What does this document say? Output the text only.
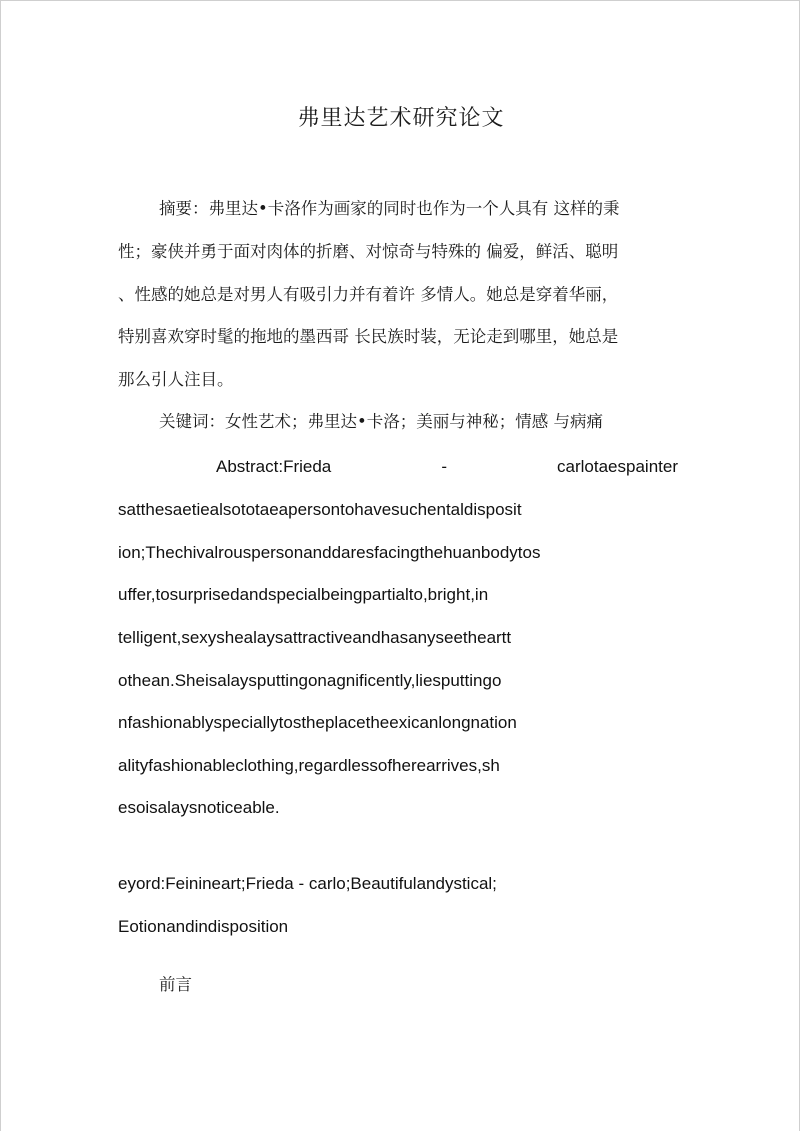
弗里达艺术研究论文
摘要：弗里达•卡洛作为画家的同时也作为一个人具有 这样的秉
性；豪侠并勇于面对肉体的折磨、对惊奇与特殊的 偏爱，鲜活、聪明
、性感的她总是对男人有吸引力并有着许 多情人。她总是穿着华丽，
特别喜欢穿时髦的拖地的墨西哥 长民族时装，无论走到哪里，她总是
那么引人注目。
关键词：女性艺术；弗里达•卡洛；美丽与神秘；情感 与病痛
Abstract:Frieda	-	carlotaespainter
satthesaetiealsototaeapersontohavesuchentaldisposit
ion;Thechivalrouspersonanddaresfacingthehuanbodytos
uffer,tosurprisedandspecialbeingpartialto,bright,in
telligent,sexyshealaysattractiveandhasanyseetheartt
othean.Sheisalaysputtingonagnificently,liesputtingo
nfashionablyspeciallytostheplacetheexicanlongnation
alityfashionableclothing,regardlessofherearrives,sh
esoisalaysnoticeable.
eyord:Feinineart;Frieda - carlo;Beautifulandystical;
Eotionandindisposition
前言
